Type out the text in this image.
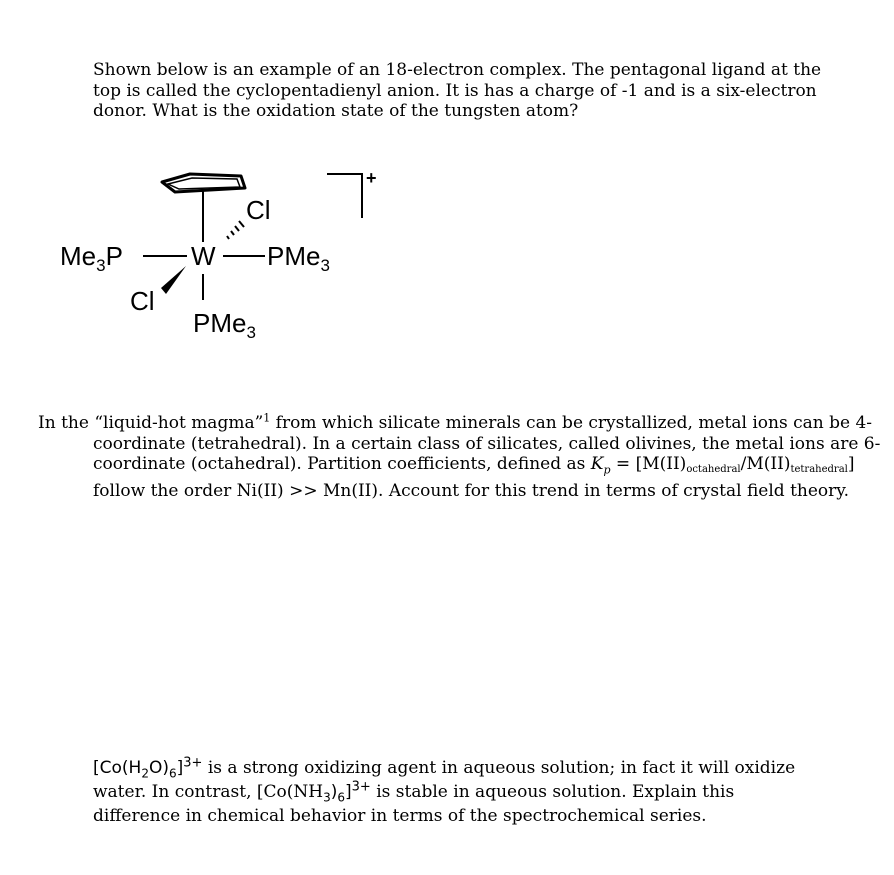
Shown below is an example of an 18-electron complex. The pentagonal ligand at the top is called the cyclopentadienyl anion. It is has a charge of -1 and is a six-electron donor. What is the oxidation state of the tungsten atom?
Cl
$Me_3P$	W PMe$_3$
Cl
PMe$_3$
+
In the “liquid-hot magma”$^1$ from which silicate minerals can be crystallized, metal ions can be 4-coordinate (tetrahedral). In a certain class of silicates, called olivines, the metal ions are 6-coordinate (octahedral). Partition coefficients, defined as $K_p$ = [M(II)octahedral/M(II)tetrahedral] follow the order Ni(II) >> Mn(II). Account for this trend in terms of crystal field theory.
$[Co(H_2O)_6]^{3+}$ is a strong oxidizing agent in aqueous solution; in fact it will oxidize water. In contrast, $[Co(NH_3)_6]^{3+}$ is stable in aqueous solution. Explain this difference in chemical behavior in terms of the spectrochemical series.
